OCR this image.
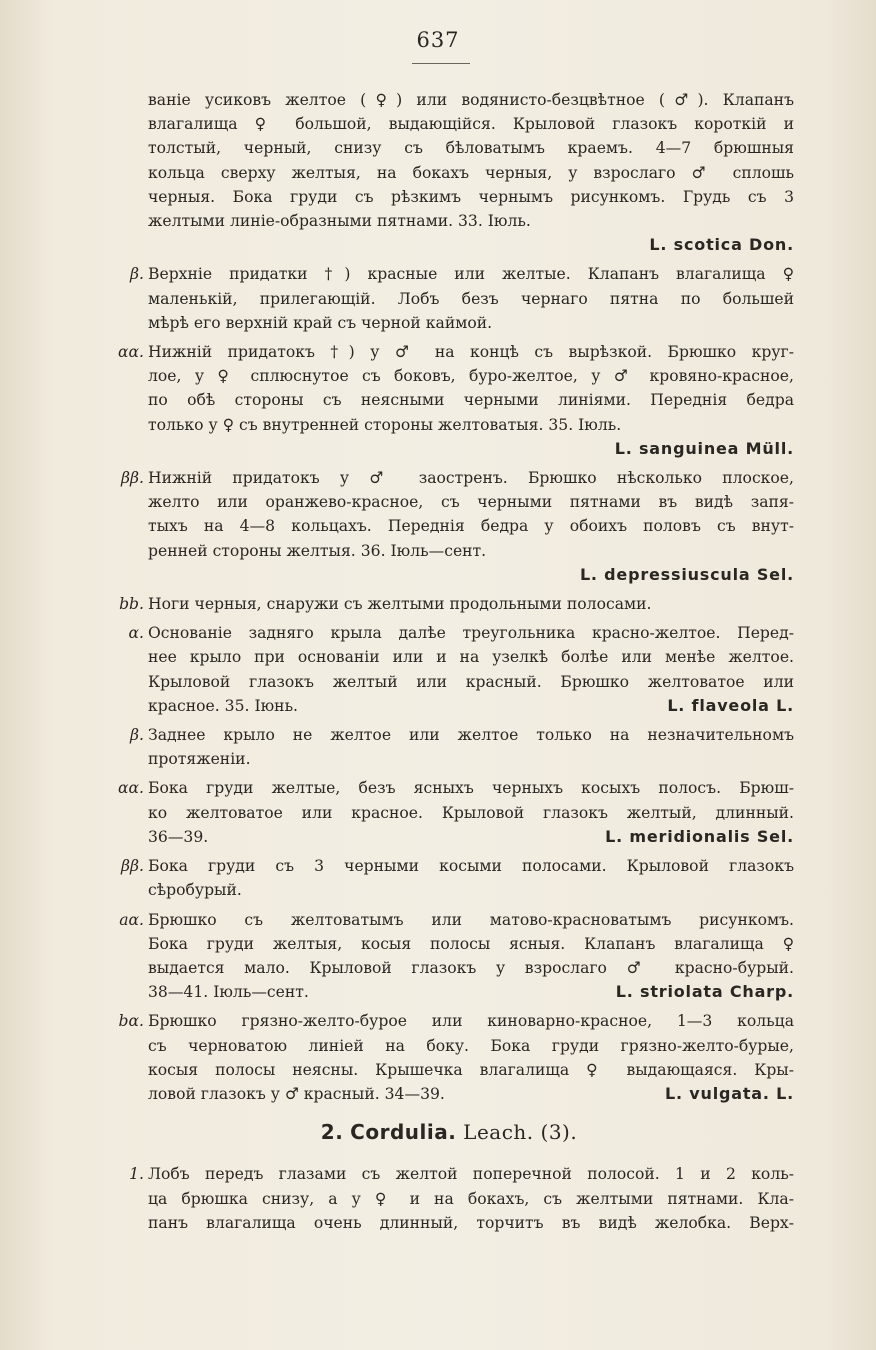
637
ваніе усиковъ желтое (♀) или водянисто-безцвѣтное (♂). Клапанъ
влагалища ♀ большой, выдающійся. Крыловой глазокъ короткій и
толстый, черный, снизу съ бѣловатымъ краемъ. 4—7 брюшныя
кольца сверху желтыя, на бокахъ черныя, у взрослаго ♂ сплошь
черныя. Бока груди съ рѣзкимъ чернымъ рисункомъ. Грудь съ 3
желтыми линіе-образными пятнами. 33. Іюль.
L. scotica Don.
β. Верхніе придатки †) красные или желтые. Клапанъ влагалища ♀
маленькій, прилегающій. Лобъ безъ чернаго пятна по большей
мѣрѣ его верхній край съ черной каймой.
αα. Нижній придатокъ †) у ♂ на концѣ съ вырѣзкой. Брюшко круг-
лое, у ♀ сплюснутое съ боковъ, буро-желтое, у ♂ кровяно-красное,
по обѣ стороны съ неясными черными линіями. Переднія бедра
только у ♀ съ внутренней стороны желтоватыя. 35. Іюль.
L. sanguinea Müll.
ββ. Нижній придатокъ у ♂ заостренъ. Брюшко нѣсколько плоское,
желто или оранжево-красное, съ черными пятнами въ видѣ запя-
тыхъ на 4—8 кольцахъ. Переднія бедра у обоихъ половъ съ внут-
ренней стороны желтыя. 36. Іюль—сент.
L. depressiuscula Sel.
bb. Ноги черныя, снаружи съ желтыми продольными полосами.
α. Основаніе задняго крыла далѣе треугольника красно-желтое. Перед-
нее крыло при основаніи или и на узелкѣ болѣе или менѣе желтое.
Крыловой глазокъ желтый или красный. Брюшко желтоватое или
красное. 35. Іюнь.	L. flaveola L.
β. Заднее крыло не желтое или желтое только на незначительномъ
протяженіи.
αα. Бока груди желтые, безъ ясныхъ черныхъ косыхъ полосъ. Брюш-
ко желтоватое или красное. Крыловой глазокъ желтый, длинный.
36—39.	L. meridionalis Sel.
ββ. Бока груди съ 3 черными косыми полосами. Крыловой глазокъ
сѣробурый.
aα. Брюшко съ желтоватымъ или матово-красноватымъ рисункомъ.
Бока груди желтыя, косыя полосы ясныя. Клапанъ влагалища ♀
выдается мало. Крыловой глазокъ у взрослаго ♂ красно-бурый.
38—41. Іюль—сент.	L. striolata Charp.
bα. Брюшко грязно-желто-бурое или киноварно-красное, 1—3 кольца
съ черноватою линіей на боку. Бока груди грязно-желто-бурые,
косыя полосы неясны. Крышечка влагалища ♀ выдающаяся. Кры-
ловой глазокъ у ♂ красный. 34—39.	L. vulgata. L.
2. Cordulia. Leach. (3).
1. Лобъ передъ глазами съ желтой поперечной полосой. 1 и 2 коль-
ца брюшка снизу, а у ♀ и на бокахъ, съ желтыми пятнами. Кла-
панъ влагалища очень длинный, торчитъ въ видѣ желобка. Верх-
